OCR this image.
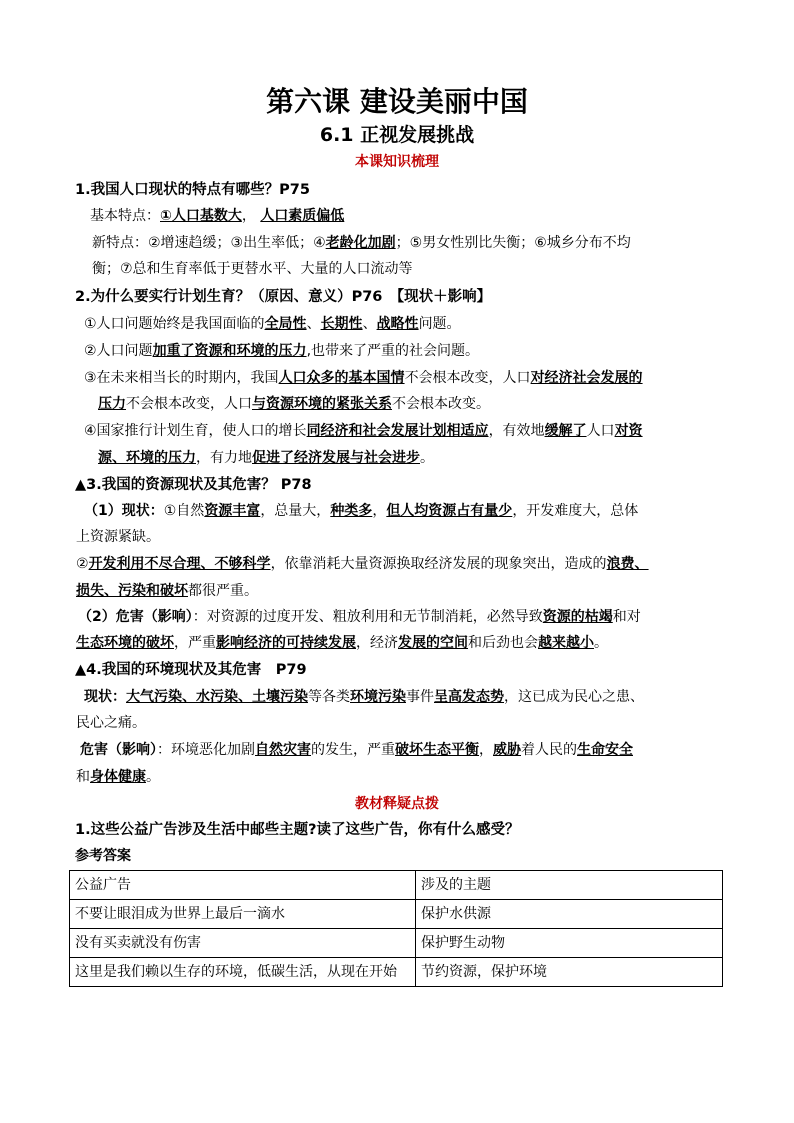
第六课 建设美丽中国
6.1 正视发展挑战
本课知识梳理
1.我国人口现状的特点有哪些？P75
基本特点：①人口基数大， 人口素质偏低
新特点：②增速趋缓；③出生率低；④老龄化加剧；⑤男女性别比失衡；⑥城乡分布不均
衡；⑦总和生育率低于更替水平、大量的人口流动等
2.为什么要实行计划生育？（原因、意义）P76　【现状＋影响】
①人口问题始终是我国面临的全局性、长期性、战略性问题。
②人口问题加重了资源和环境的压力,也带来了严重的社会问题。
③在未来相当长的时期内，我国人口众多的基本国情不会根本改变，人口对经济社会发展的
压力不会根本改变，人口与资源环境的紧张关系不会根本改变。
④国家推行计划生育，使人口的增长同经济和社会发展计划相适应，有效地缓解了人口对资
源、环境的压力，有力地促进了经济发展与社会进步。
▲3.我国的资源现状及其危害？ P78
（1）现状：①自然资源丰富，总量大，种类多，但人均资源占有量少，开发难度大，总体
上资源紧缺。
②开发利用不尽合理、不够科学，依靠消耗大量资源换取经济发展的现象突出，造成的浪费、
损失、污染和破坏都很严重。
（2）危害（影响）：对资源的过度开发、粗放利用和无节制消耗，必然导致资源的枯竭和对
生态环境的破坏，严重影响经济的可持续发展，经济发展的空间和后劲也会越来越小。
▲4.我国的环境现状及其危害　P79
现状：大气污染、水污染、土壤污染等各类环境污染事件呈高发态势，这已成为民心之患、
民心之痛。
危害（影响）：环境恶化加剧自然灾害的发生，严重破坏生态平衡，威胁着人民的生命安全
和身体健康。
教材释疑点拨
1.这些公益广告涉及生活中邮些主题?读了这些广告，你有什么感受？
参考答案
公益广告	涉及的主题
不要让眼泪成为世界上最后一滴水	保护水供源
没有买卖就没有伤害	保护野生动物
这里是我们赖以生存的环境，低碳生活，从现在开始	节约资源，保护环境
